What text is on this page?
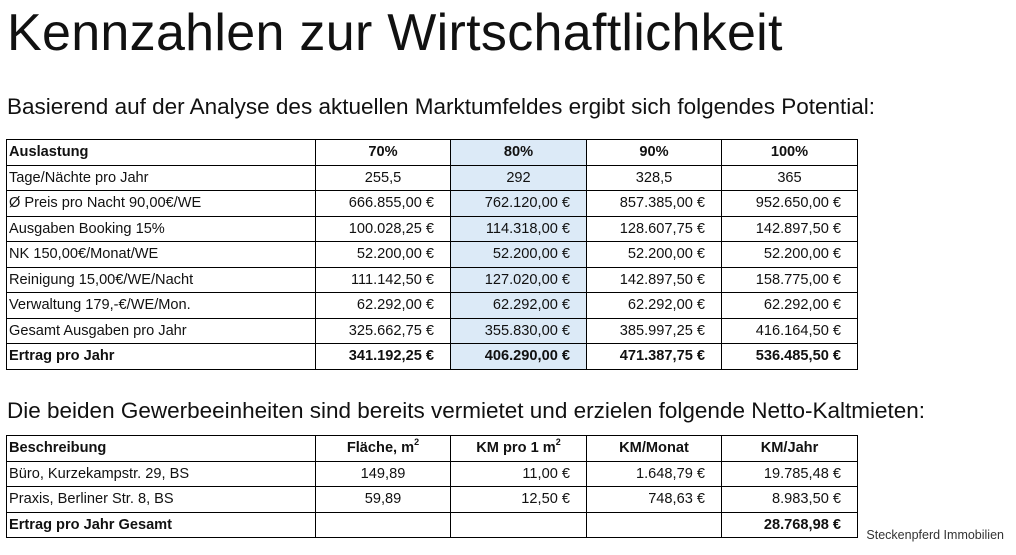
Kennzahlen zur Wirtschaftlichkeit
Basierend auf der Analyse des aktuellen Marktumfeldes ergibt sich folgendes Potential:
Auslastung	70%	80%	90%	100%
Tage/Nächte pro Jahr	255,5	292	328,5	365
Ø Preis pro Nacht 90,00€/WE	666.855,00 €	762.120,00 €	857.385,00 €	952.650,00 €
Ausgaben Booking 15%	100.028,25 €	114.318,00 €	128.607,75 €	142.897,50 €
NK 150,00€/Monat/WE	52.200,00 €	52.200,00 €	52.200,00 €	52.200,00 €
Reinigung 15,00€/WE/Nacht	111.142,50 €	127.020,00 €	142.897,50 €	158.775,00 €
Verwaltung 179,-€/WE/Mon.	62.292,00 €	62.292,00 €	62.292,00 €	62.292,00 €
Gesamt Ausgaben pro Jahr	325.662,75 €	355.830,00 €	385.997,25 €	416.164,50 €
Ertrag pro Jahr	341.192,25 €	406.290,00 €	471.387,75 €	536.485,50 €
Die beiden Gewerbeeinheiten sind bereits vermietet und erzielen folgende Netto-Kaltmieten:
Beschreibung	Fläche, $m^2$	KM pro 1 $m^2$	KM/Monat	KM/Jahr
Büro, Kurzekampstr. 29, BS	149,89	11,00 €	1.648,79 €	19.785,48 €
Praxis, Berliner Str. 8, BS	59,89	12,50 €	748,63 €	8.983,50 €
Ertrag pro Jahr Gesamt				28.768,98 €
Steckenpferd Immobilien
